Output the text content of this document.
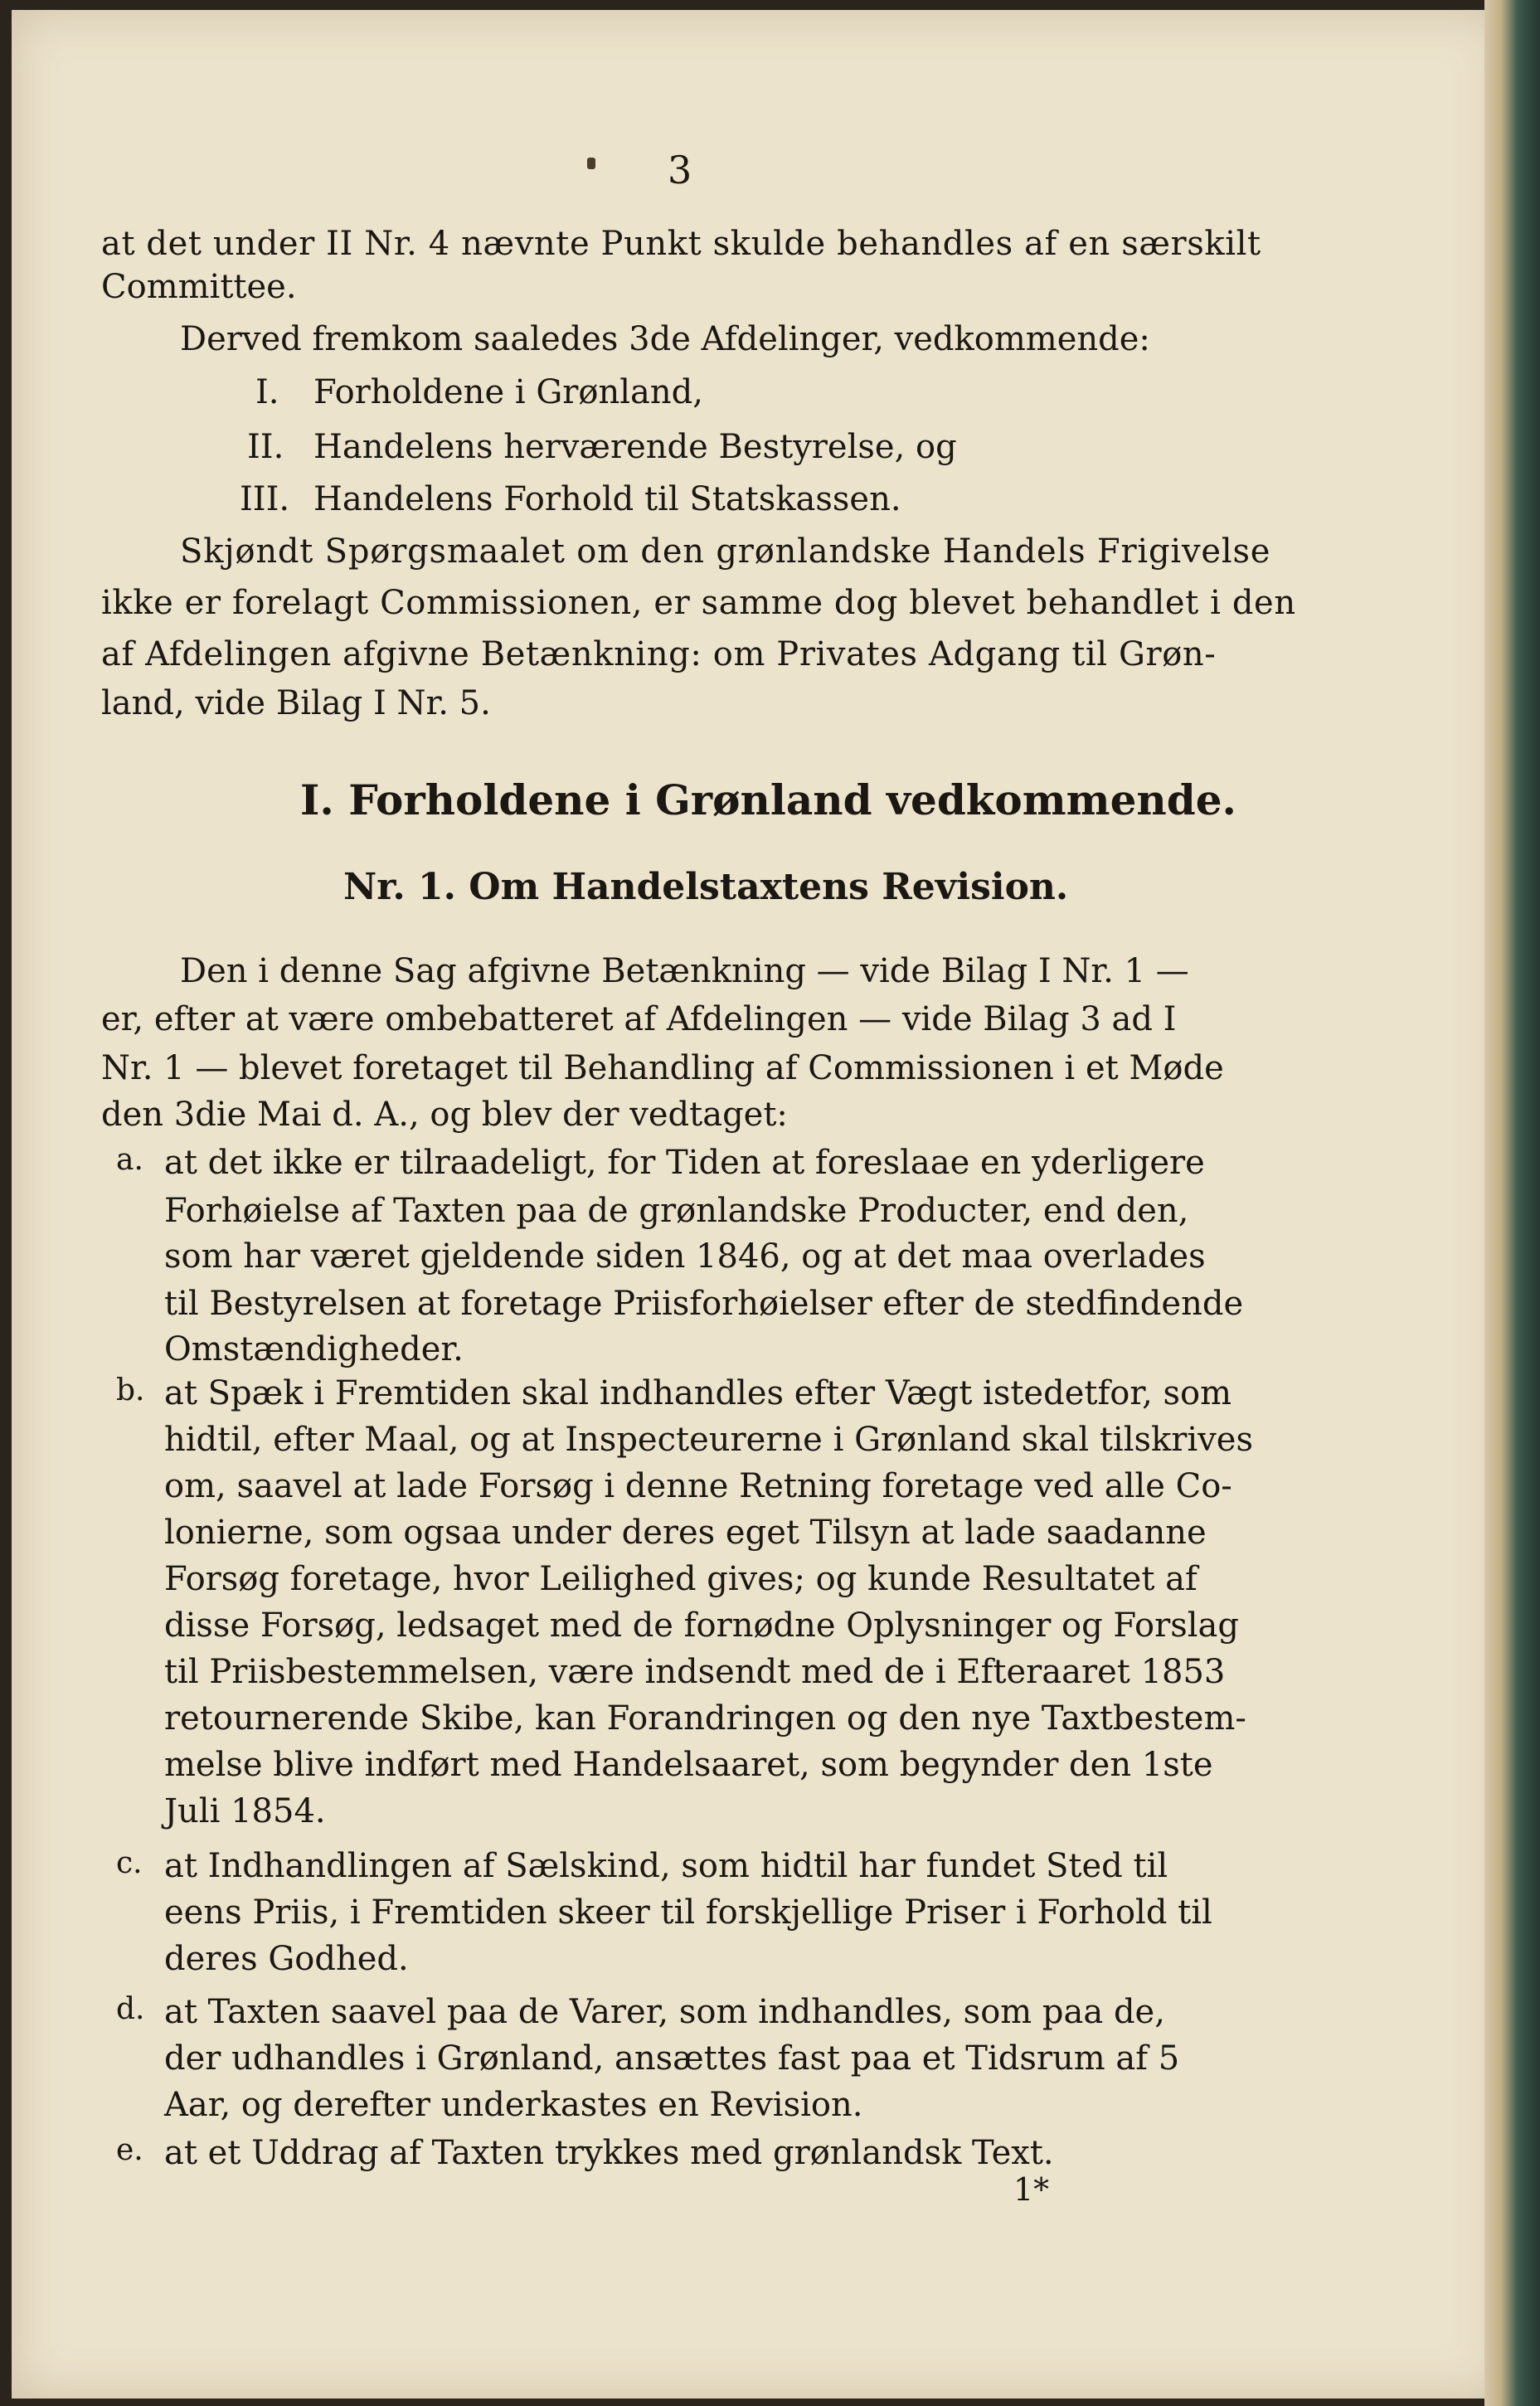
3
at det under II Nr. 4 nævnte Punkt skulde behandles af en særskilt
Committee.
Derved fremkom saaledes 3de Afdelinger, vedkommende:
I. Forholdene i Grønland,
II. Handelens herværende Bestyrelse, og
III. Handelens Forhold til Statskassen.
Skjøndt Spørgsmaalet om den grønlandske Handels Frigivelse
ikke er forelagt Commissionen, er samme dog blevet behandlet i den
af Afdelingen afgivne Betænkning: om Privates Adgang til Grøn-
land, vide Bilag I Nr. 5.
I. Forholdene i Grønland vedkommende.
Nr. 1. Om Handelstaxtens Revision.
Den i denne Sag afgivne Betænkning — vide Bilag I Nr. 1 —
er, efter at være ombebatteret af Afdelingen — vide Bilag 3 ad I
Nr. 1 — blevet foretaget til Behandling af Commissionen i et Møde
den 3die Mai d. A., og blev der vedtaget:
a. at det ikke er tilraadeligt, for Tiden at foreslaae en yderligere
Forhøielse af Taxten paa de grønlandske Producter, end den,
som har været gjeldende siden 1846, og at det maa overlades
til Bestyrelsen at foretage Priisforhøielser efter de stedfindende
Omstændigheder.
b. at Spæk i Fremtiden skal indhandles efter Vægt istedetfor, som
hidtil, efter Maal, og at Inspecteurerne i Grønland skal tilskrives
om, saavel at lade Forsøg i denne Retning foretage ved alle Co-
lonierne, som ogsaa under deres eget Tilsyn at lade saadanne
Forsøg foretage, hvor Leilighed gives; og kunde Resultatet af
disse Forsøg, ledsaget med de fornødne Oplysninger og Forslag
til Priisbestemmelsen, være indsendt med de i Efteraaret 1853
retournerende Skibe, kan Forandringen og den nye Taxtbestem-
melse blive indført med Handelsaaret, som begynder den 1ste
Juli 1854.
c. at Indhandlingen af Sælskind, som hidtil har fundet Sted til
eens Priis, i Fremtiden skeer til forskjellige Priser i Forhold til
deres Godhed.
d. at Taxten saavel paa de Varer, som indhandles, som paa de,
der udhandles i Grønland, ansættes fast paa et Tidsrum af 5
Aar, og derefter underkastes en Revision.
e. at et Uddrag af Taxten trykkes med grønlandsk Text.
1*
